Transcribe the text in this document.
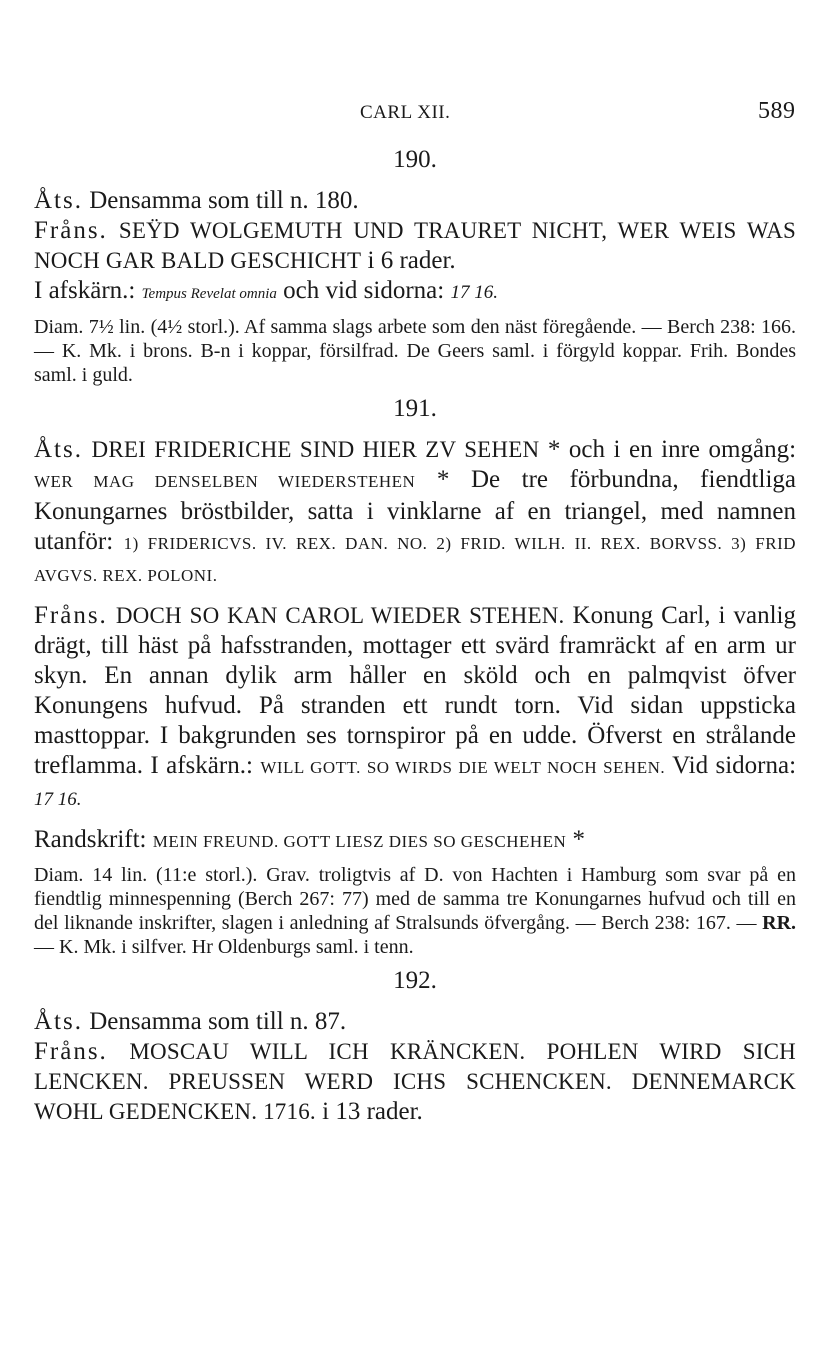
CARL XII.	589
190.

Åts. Densamma som till n. 180.

Fråns. SEŸD WOLGEMUTH UND TRAURET NICHT, WER WEIS WAS NOCH GAR BALD GESCHICHT i 6 rader.

I afskärn.: Tempus Revelat omnia och vid sidorna: 17 16.

Diam. 7½ lin. (4½ storl.). Af samma slags arbete som den näst föregående. — Berch 238: 166. — K. Mk. i brons. B-n i koppar, försilfrad. De Geers saml. i förgyld koppar. Frih. Bondes saml. i guld.

191.

Åts. DREI FRIDERICHE SIND HIER ZV SEHEN * och i en inre omgång: WER MAG DENSELBEN WIEDERSTEHEN * De tre förbundna, fiendtliga Konungarnes bröstbilder, satta i vinklarne af en triangel, med namnen utanför: 1) FRIDERICVS. IV. REX. DAN. NO. 2) FRID. WILH. II. REX. BORVSS. 3) FRID AVGVS. REX. POLONI.

Fråns. DOCH SO KAN CAROL WIEDER STEHEN. Konung Carl, i vanlig drägt, till häst på hafsstranden, mottager ett svärd framräckt af en arm ur skyn. En annan dylik arm håller en sköld och en palmqvist öfver Konungens hufvud. På stranden ett rundt torn. Vid sidan uppsticka masttoppar. I bakgrunden ses tornspiror på en udde. Öfverst en strålande treflamma. I afskärn.: WILL GOTT. SO WIRDS DIE WELT NOCH SEHEN. Vid sidorna: 17 16.

Randskrift: MEIN FREUND. GOTT LIESZ DIES SO GESCHEHEN *

Diam. 14 lin. (11:e storl.). Grav. troligtvis af D. von Hachten i Hamburg som svar på en fiendtlig minnespenning (Berch 267: 77) med de samma tre Konungarnes hufvud och till en del liknande inskrifter, slagen i anledning af Stralsunds öfvergång. — Berch 238: 167. — RR. — K. Mk. i silfver. Hr Oldenburgs saml. i tenn.

192.

Åts. Densamma som till n. 87.

Fråns. MOSCAU WILL ICH KRÄNCKEN. POHLEN WIRD SICH LENCKEN. PREUSSEN WERD ICHS SCHENCKEN. DENNEMARCK WOHL GEDENCKEN. 1716. i 13 rader.
